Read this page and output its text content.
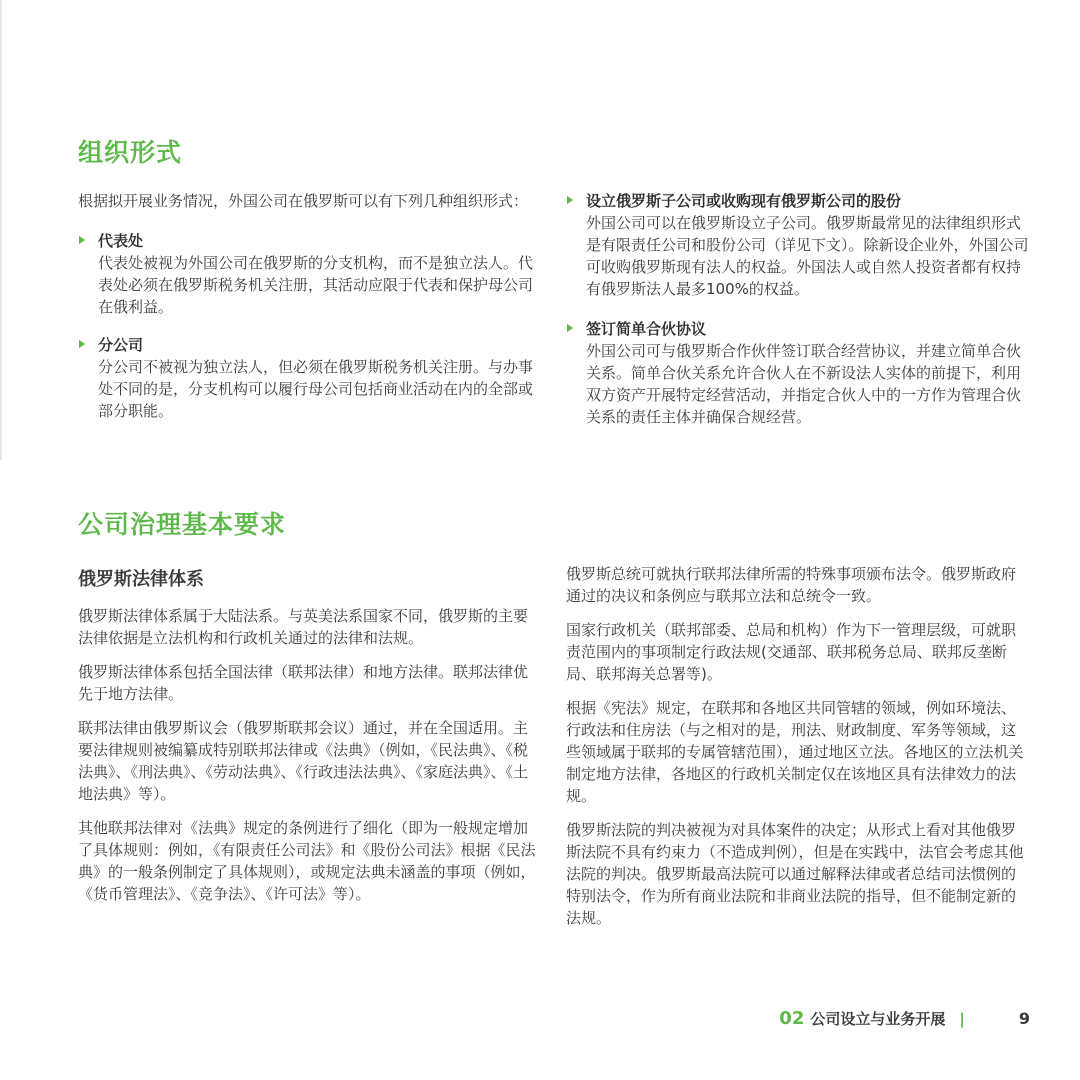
组织形式

根据拟开展业务情况，外国公司在俄罗斯可以有下列几种组织形式：

代表处
代表处被视为外国公司在俄罗斯的分支机构，而不是独立法人。代表处必须在俄罗斯税务机关注册，其活动应限于代表和保护母公司在俄利益。
分公司
分公司不被视为独立法人，但必须在俄罗斯税务机关注册。与办事处不同的是，分支机构可以履行母公司包括商业活动在内的全部或部分职能。
设立俄罗斯子公司或收购现有俄罗斯公司的股份
外国公司可以在俄罗斯设立子公司。俄罗斯最常见的法律组织形式是有限责任公司和股份公司（详见下文）。除新设企业外，外国公司可收购俄罗斯现有法人的权益。外国法人或自然人投资者都有权持有俄罗斯法人最多100%的权益。
签订简单合伙协议
外国公司可与俄罗斯合作伙伴签订联合经营协议，并建立简单合伙关系。简单合伙关系允许合伙人在不新设法人实体的前提下，利用双方资产开展特定经营活动，并指定合伙人中的一方作为管理合伙关系的责任主体并确保合规经营。
公司治理基本要求
俄罗斯法律体系

俄罗斯法律体系属于大陆法系。与英美法系国家不同，俄罗斯的主要法律依据是立法机构和行政机关通过的法律和法规。

俄罗斯法律体系包括全国法律（联邦法律）和地方法律。联邦法律优先于地方法律。

联邦法律由俄罗斯议会（俄罗斯联邦会议）通过，并在全国适用。主要法律规则被编纂成特别联邦法律或《法典》（例如，《民法典》、《税法典》、《刑法典》、《劳动法典》、《行政违法法典》、《家庭法典》、《土地法典》等）。

其他联邦法律对《法典》规定的条例进行了细化（即为一般规定增加了具体规则：例如，《有限责任公司法》和《股份公司法》根据《民法典》的一般条例制定了具体规则），或规定法典未涵盖的事项（例如，《货币管理法》、《竞争法》、《许可法》等）。

俄罗斯总统可就执行联邦法律所需的特殊事项颁布法令。俄罗斯政府通过的决议和条例应与联邦立法和总统令一致。

国家行政机关（联邦部委、总局和机构）作为下一管理层级，可就职责范围内的事项制定行政法规(交通部、联邦税务总局、联邦反垄断局、联邦海关总署等)。

根据《宪法》规定，在联邦和各地区共同管辖的领域，例如环境法、行政法和住房法（与之相对的是，刑法、财政制度、军务等领域，这些领域属于联邦的专属管辖范围），通过地区立法。各地区的立法机关制定地方法律，各地区的行政机关制定仅在该地区具有法律效力的法规。

俄罗斯法院的判决被视为对具体案件的决定；从形式上看对其他俄罗斯法院不具有约束力（不造成判例），但是在实践中，法官会考虑其他法院的判决。俄罗斯最高法院可以通过解释法律或者总结司法惯例的特别法令，作为所有商业法院和非商业法院的指导，但不能制定新的法规。

02 公司设立与业务开展 |	9
